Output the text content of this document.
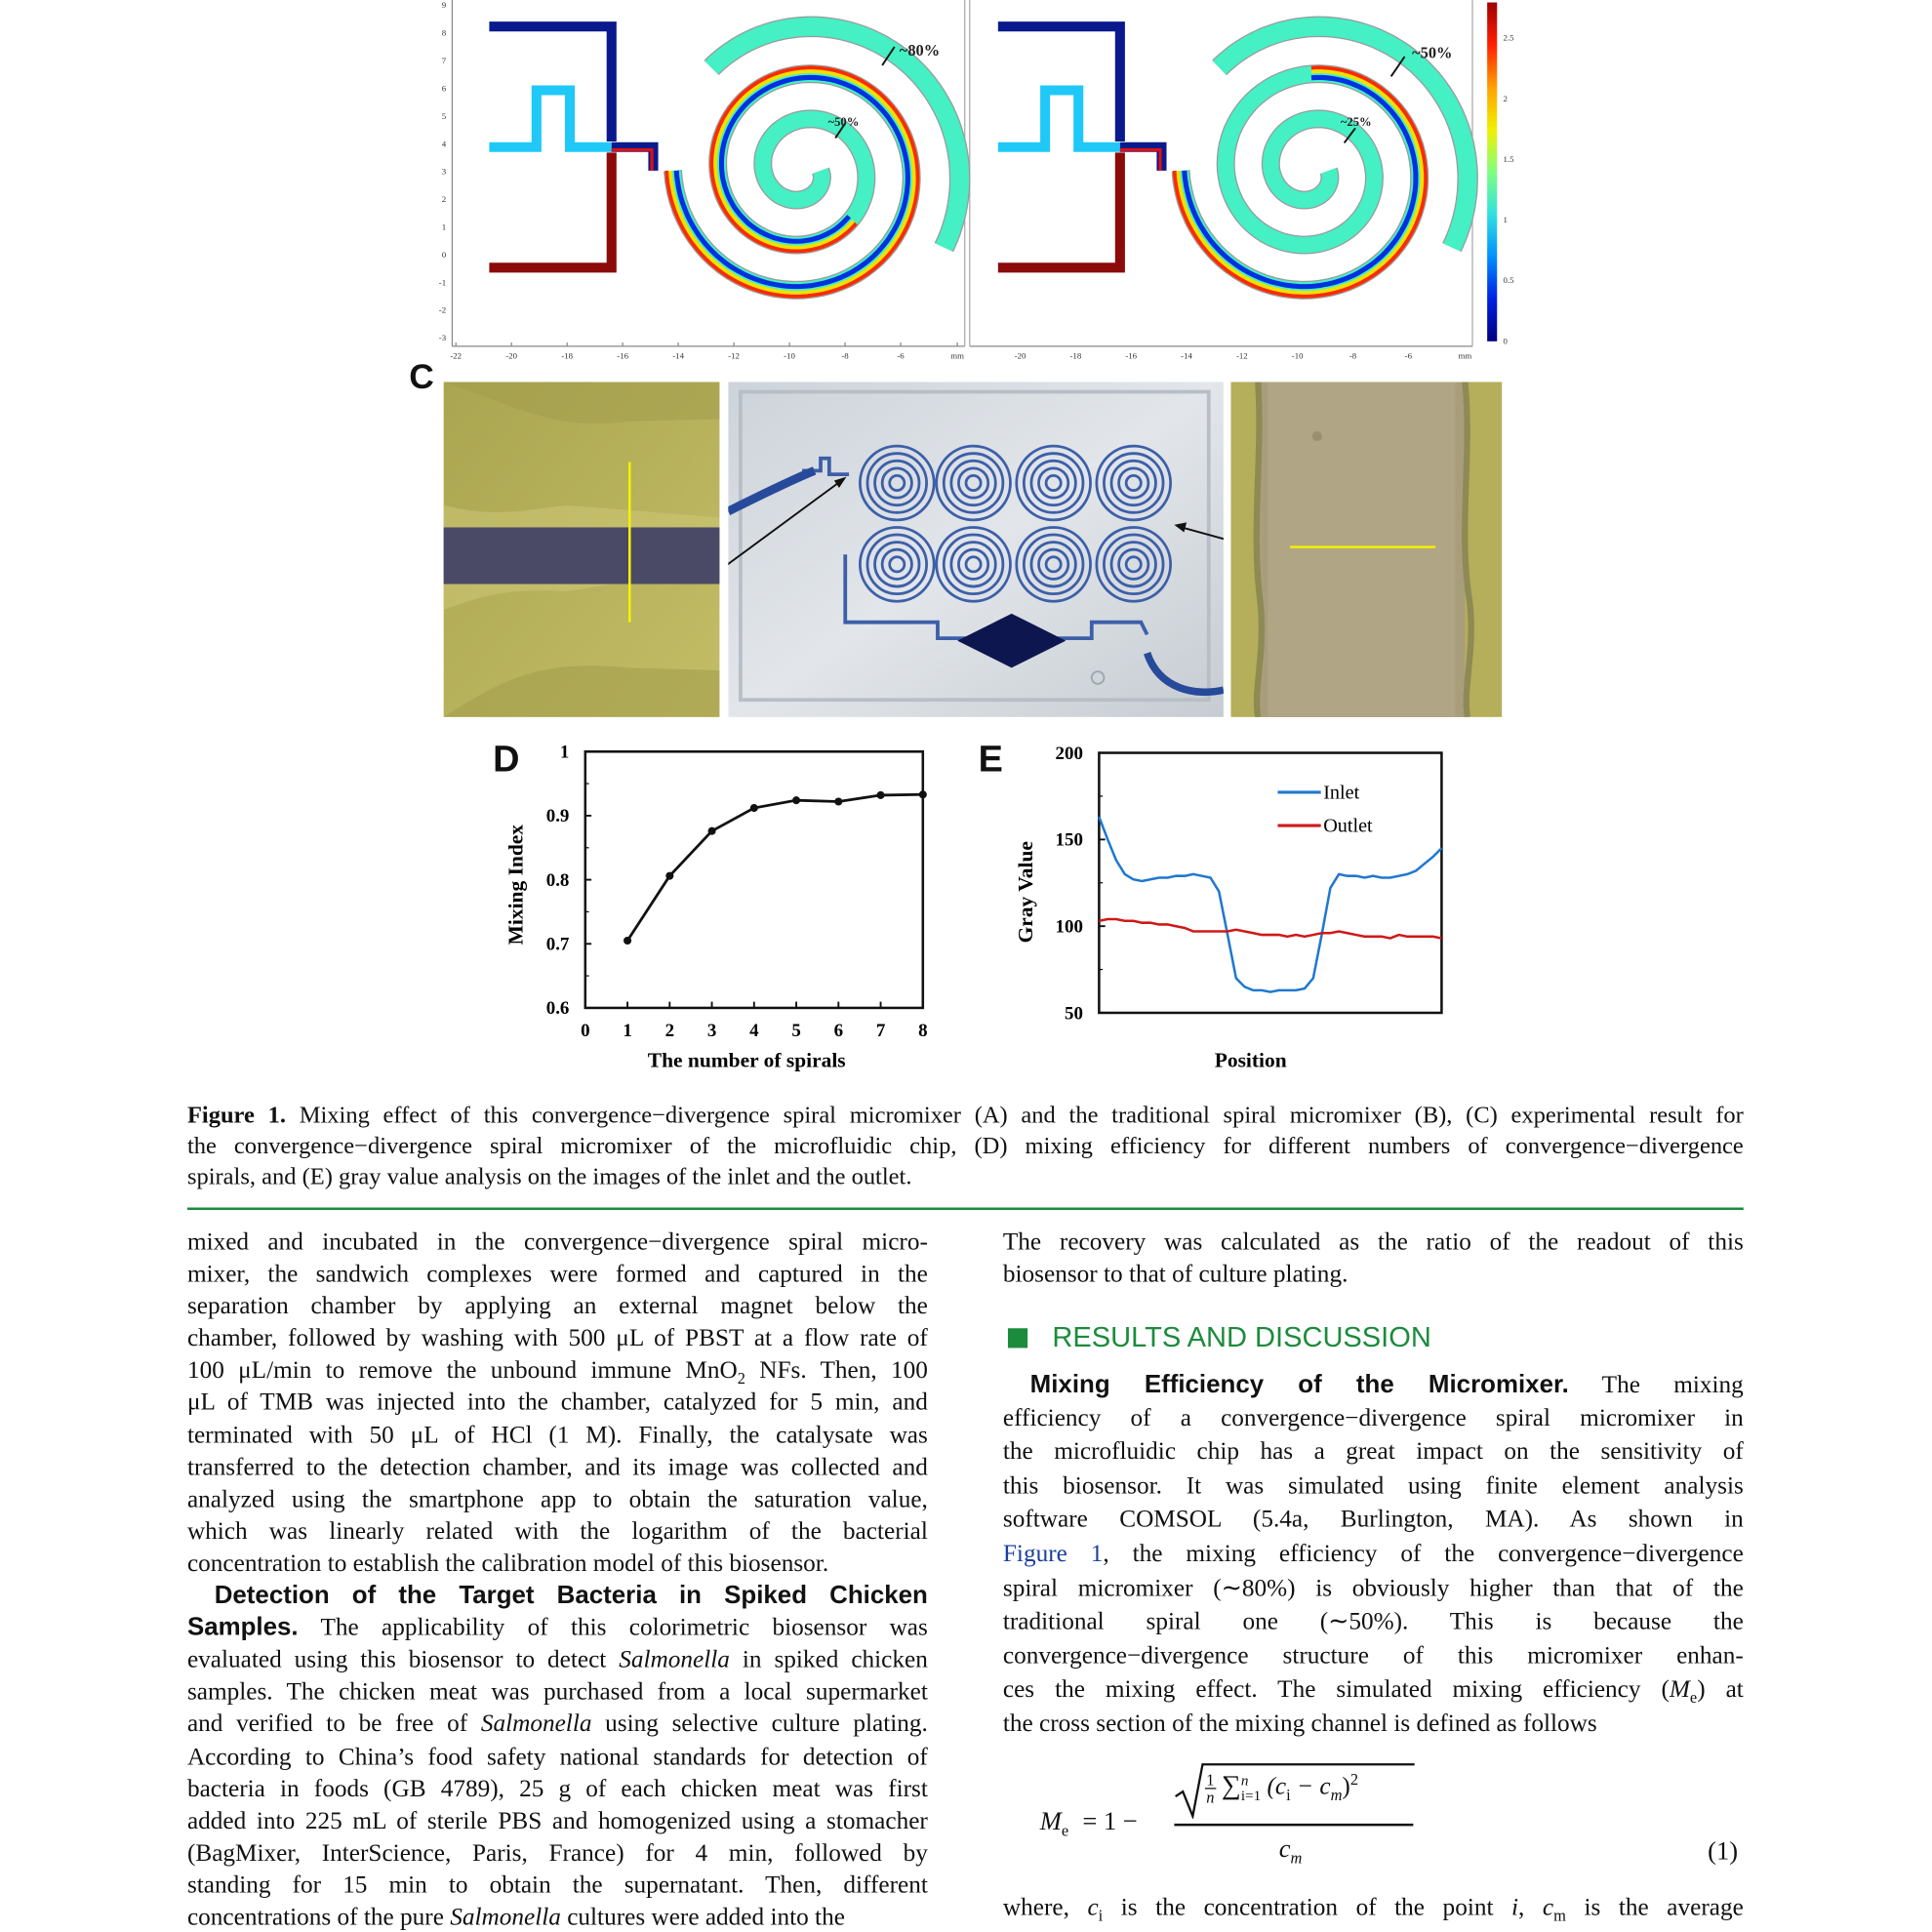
-22	-20	-18	-16	-14	-12	-10	-8	-6	mm
9
8
7
6
5
4
3
2
1
0
-1
-2
-3
-20	-18	-16	-14	-12	-10	-8	-6	mm
~80%
~50%
~50%
~25%
2.5
2
1.5
1
0.5
0
C
D	E
0.6
0.7
0.8
0.9
1
0 1 2 3 4 5 6 7 8
The number of spirals
Mixing Index
50
100
150
200
Inlet
Outlet
Position
Gray Value
Figure 1. Mixing effect of this convergence−divergence spiral micromixer (A) and the traditional spiral micromixer (B), (C) experimental result for
the convergence−divergence spiral micromixer of the microfluidic chip, (D) mixing efficiency for different numbers of convergence−divergence
spirals, and (E) gray value analysis on the images of the inlet and the outlet.
mixed and incubated in the convergence−divergence spiral micro-
mixer, the sandwich complexes were formed and captured in the
separation chamber by applying an external magnet below the
chamber, followed by washing with 500 μL of PBST at a flow rate of
100 μL/min to remove the unbound immune MnO$_2$ NFs. Then, 100
μL of TMB was injected into the chamber, catalyzed for 5 min, and
terminated with 50 μL of HCl (1 M). Finally, the catalysate was
transferred to the detection chamber, and its image was collected and
analyzed using the smartphone app to obtain the saturation value,
which was linearly related with the logarithm of the bacterial
concentration to establish the calibration model of this biosensor.
Detection of the Target Bacteria in Spiked Chicken
Samples. The applicability of this colorimetric biosensor was
evaluated using this biosensor to detect Salmonella in spiked chicken
samples. The chicken meat was purchased from a local supermarket
and verified to be free of Salmonella using selective culture plating.
According to China’s food safety national standards for detection of
bacteria in foods (GB 4789), 25 g of each chicken meat was first
added into 225 mL of sterile PBS and homogenized using a stomacher
(BagMixer, InterScience, Paris, France) for 4 min, followed by
standing for 15 min to obtain the supernatant. Then, different
concentrations of the pure Salmonella cultures were added into the
The recovery was calculated as the ratio of the readout of this
biosensor to that of culture plating.
RESULTS AND DISCUSSION
Mixing Efficiency of the Micromixer. The mixing
efficiency of a convergence−divergence spiral micromixer in
the microfluidic chip has a great impact on the sensitivity of
this biosensor. It was simulated using finite element analysis
software COMSOL (5.4a, Burlington, MA). As shown in
Figure 1, the mixing efficiency of the convergence−divergence
spiral micromixer (∼80%) is obviously higher than that of the
traditional spiral one (∼50%). This is because the
convergence−divergence structure of this micromixer enhan-
ces the mixing effect. The simulated mixing efficiency $(M_e)$ at
the cross section of the mixing channel is defined as follows
$M_e = 1$ −
$\frac{1}{n} \sum n$
i=1 $(c_i - c_m)^2$
$c_m$	(1)
where, $c_i$ is the concentration of the point i, $c_m$ is the average
